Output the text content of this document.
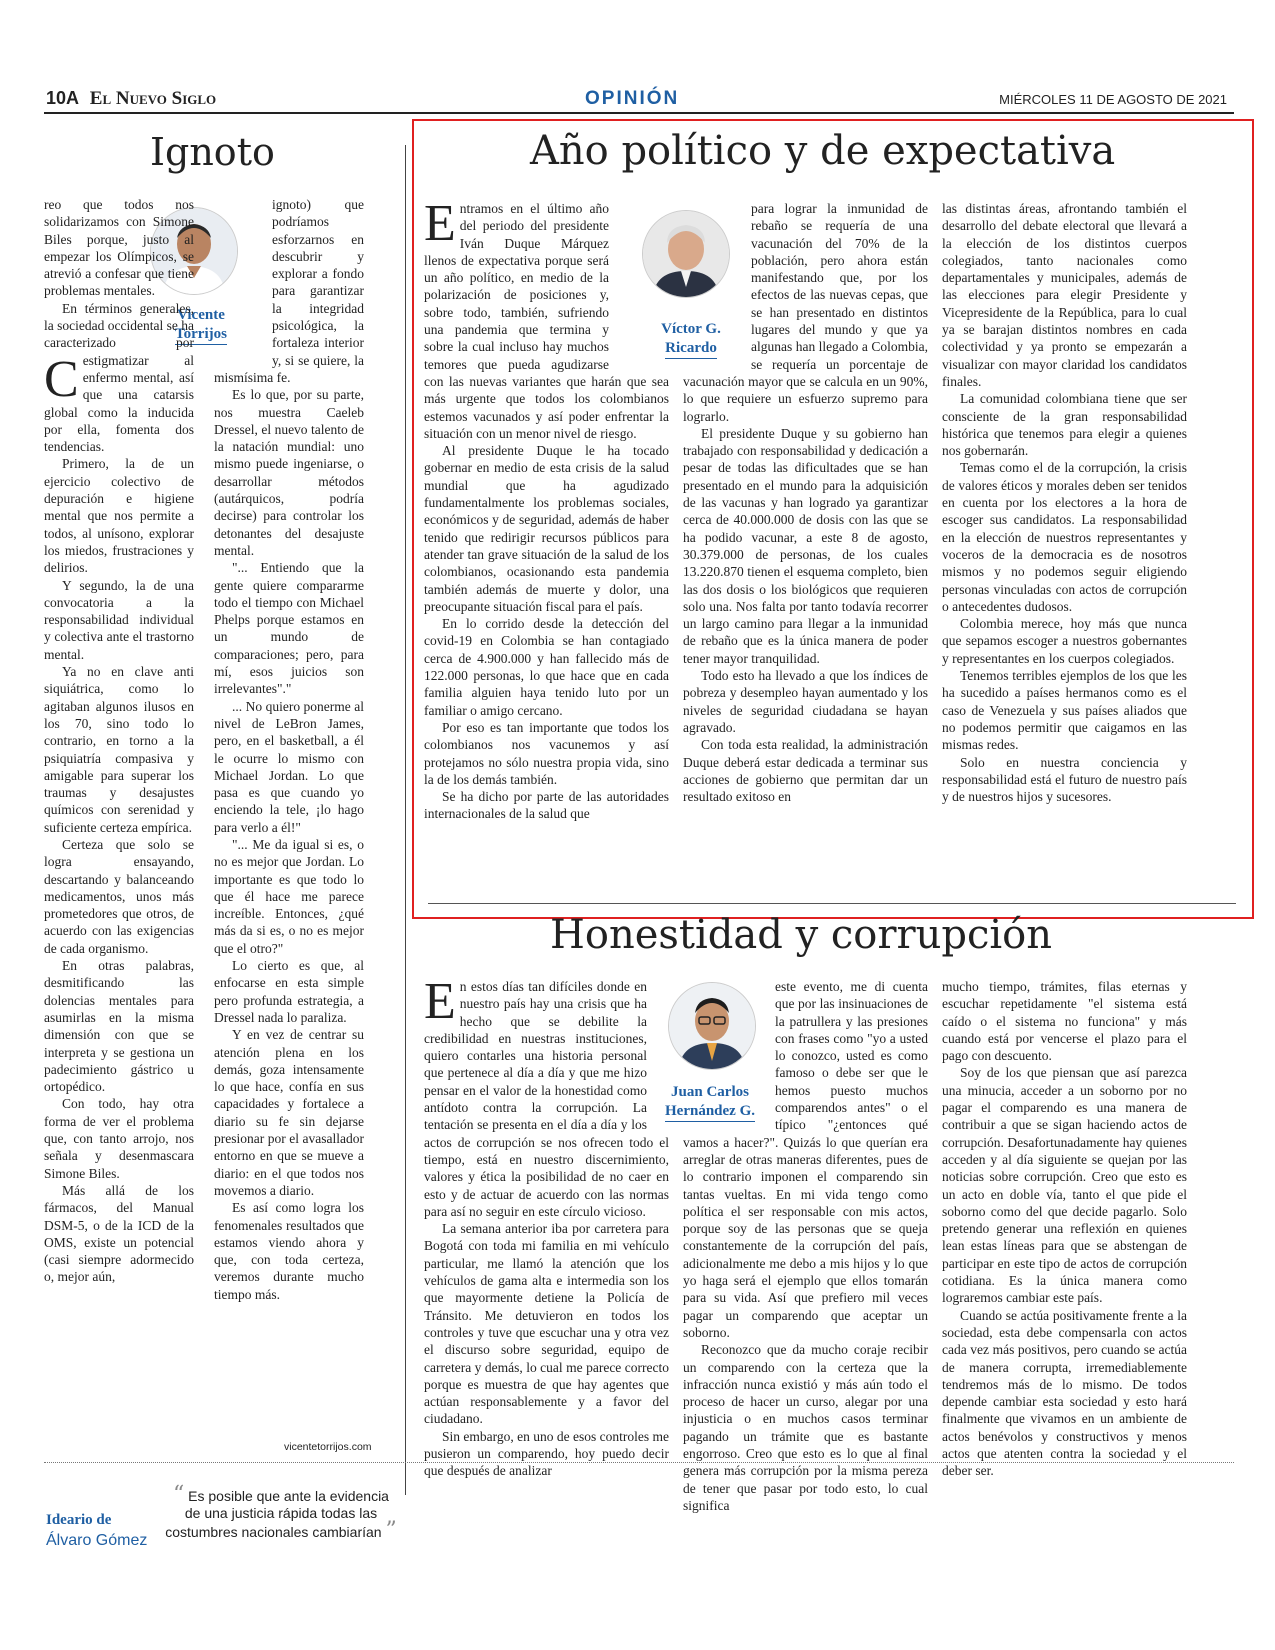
10A El Nuevo Siglo	OPINIÓN	MIÉRCOLES 11 DE AGOSTO DE 2021
Ignoto
Vicente
Torrijos

C
reo que todos nos solidarizamos con Simone Biles porque, justo al empezar los Olímpicos, se atrevió a confesar que tiene problemas mentales.

En términos generales, la sociedad occidental se ha caracterizado por estigmatizar al enfermo mental, así que una catarsis global como la inducida por ella, fomenta dos tendencias.

Primero, la de un ejercicio colectivo de depuración e higiene mental que nos permite a todos, al unísono, explorar los miedos, frustraciones y delirios.

Y segundo, la de una convocatoria a la responsabilidad individual y colectiva ante el trastorno mental.

Ya no en clave anti siquiátrica, como lo agitaban algunos ilusos en los 70, sino todo lo contrario, en torno a la psiquiatría compasiva y amigable para superar los traumas y desajustes químicos con serenidad y suficiente certeza empírica.

Certeza que solo se logra ensayando, descartando y balanceando medicamentos, unos más prometedores que otros, de acuerdo con las exigencias de cada organismo.

En otras palabras, desmitificando las dolencias mentales para asumirlas en la misma dimensión con que se interpreta y se gestiona un padecimiento gástrico u ortopédico.

Con todo, hay otra forma de ver el problema que, con tanto arrojo, nos señala y desenmascara Simone Biles.

Más allá de los fármacos, del Manual DSM-5, o de la ICD de la OMS, existe un potencial (casi siempre adormecido o, mejor aún,

ignoto) que podríamos esforzarnos en descubrir y explorar a fondo para garantizar la integridad psicológica, la fortaleza interior y, si se quiere, la mismísima fe.

Es lo que, por su parte, nos muestra Caeleb Dressel, el nuevo talento de la natación mundial: uno mismo puede ingeniarse, o desarrollar métodos (autárquicos, podría decirse) para controlar los detonantes del desajuste mental.

"... Entiendo que la gente quiere compararme todo el tiempo con Michael Phelps porque estamos en un mundo de comparaciones; pero, para mí, esos juicios son irrelevantes"."

... No quiero ponerme al nivel de LeBron James, pero, en el basketball, a él le ocurre lo mismo con Michael Jordan. Lo que pasa es que cuando yo enciendo la tele, ¡lo hago para verlo a él!"

"... Me da igual si es, o no es mejor que Jordan. Lo importante es que todo lo que él hace me parece increíble. Entonces, ¿qué más da si es, o no es mejor que el otro?"

Lo cierto es que, al enfocarse en esta simple pero profunda estrategia, a Dressel nada lo paraliza.

Y en vez de centrar su atención plena en los demás, goza intensamente lo que hace, confía en sus capacidades y fortalece a diario su fe sin dejarse presionar por el avasallador entorno en que se mueve a diario: en el que todos nos movemos a diario.

Es así como logra los fenomenales resultados que estamos viendo ahora y que, con toda certeza, veremos durante mucho tiempo más.

vicentetorrijos.com
Año político y de expectativa
Víctor G.
Ricardo

Entramos en el último año del periodo del presidente Iván Duque Márquez llenos de expectativa porque será un año político, en medio de la polarización de posiciones y, sobre todo, también, sufriendo una pandemia que termina y sobre la cual incluso hay muchos temores que pueda agudizarse con las nuevas variantes que harán que sea más urgente que todos los colombianos estemos vacunados y así poder enfrentar la situación con un menor nivel de riesgo.

Al presidente Duque le ha tocado gobernar en medio de esta crisis de la salud mundial que ha agudizado fundamentalmente los problemas sociales, económicos y de seguridad, además de haber tenido que redirigir recursos públicos para atender tan grave situación de la salud de los colombianos, ocasionando esta pandemia también además de muerte y dolor, una preocupante situación fiscal para el país.

En lo corrido desde la detección del covid-19 en Colombia se han contagiado cerca de 4.900.000 y han fallecido más de 122.000 personas, lo que hace que en cada familia alguien haya tenido luto por un familiar o amigo cercano.

Por eso es tan importante que todos los colombianos nos vacunemos y así protejamos no sólo nuestra propia vida, sino la de los demás también.

Se ha dicho por parte de las autoridades internacionales de la salud que

para lograr la inmunidad de rebaño se requería de una vacunación del 70% de la población, pero ahora están manifestando que, por los efectos de las nuevas cepas, que se han presentado en distintos lugares del mundo y que ya algunas han llegado a Colombia, se requería un porcentaje de vacunación mayor que se calcula en un 90%, lo que requiere un esfuerzo supremo para lograrlo.

El presidente Duque y su gobierno han trabajado con responsabilidad y dedicación a pesar de todas las dificultades que se han presentado en el mundo para la adquisición de las vacunas y han logrado ya garantizar cerca de 40.000.000 de dosis con las que se ha podido vacunar, a este 8 de agosto, 30.379.000 de personas, de los cuales 13.220.870 tienen el esquema completo, bien las dos dosis o los biológicos que requieren solo una. Nos falta por tanto todavía recorrer un largo camino para llegar a la inmunidad de rebaño que es la única manera de poder tener mayor tranquilidad.

Todo esto ha llevado a que los índices de pobreza y desempleo hayan aumentado y los niveles de seguridad ciudadana se hayan agravado.

Con toda esta realidad, la administración Duque deberá estar dedicada a terminar sus acciones de gobierno que permitan dar un resultado exitoso en

las distintas áreas, afrontando también el desarrollo del debate electoral que llevará a la elección de los distintos cuerpos colegiados, tanto nacionales como departamentales y municipales, además de las elecciones para elegir Presidente y Vicepresidente de la República, para lo cual ya se barajan distintos nombres en cada colectividad y ya pronto se empezarán a visualizar con mayor claridad los candidatos finales.

La comunidad colombiana tiene que ser consciente de la gran responsabilidad histórica que tenemos para elegir a quienes nos gobernarán.

Temas como el de la corrupción, la crisis de valores éticos y morales deben ser tenidos en cuenta por los electores a la hora de escoger sus candidatos. La responsabilidad en la elección de nuestros representantes y voceros de la democracia es de nosotros mismos y no podemos seguir eligiendo personas vinculadas con actos de corrupción o antecedentes dudosos.

Colombia merece, hoy más que nunca que sepamos escoger a nuestros gobernantes y representantes en los cuerpos colegiados.

Tenemos terribles ejemplos de los que les ha sucedido a países hermanos como es el caso de Venezuela y sus países aliados que no podemos permitir que caigamos en las mismas redes.

Solo en nuestra conciencia y responsabilidad está el futuro de nuestro país y de nuestros hijos y sucesores.

Honestidad y corrupción
Juan Carlos
Hernández G.

En estos días tan difíciles donde en nuestro país hay una crisis que ha hecho que se debilite la credibilidad en nuestras instituciones, quiero contarles una historia personal que pertenece al día a día y que me hizo pensar en el valor de la honestidad como antídoto contra la corrupción. La tentación se presenta en el día a día y los actos de corrupción se nos ofrecen todo el tiempo, está en nuestro discernimiento, valores y ética la posibilidad de no caer en esto y de actuar de acuerdo con las normas para así no seguir en este círculo vicioso.

La semana anterior iba por carretera para Bogotá con toda mi familia en mi vehículo particular, me llamó la atención que los vehículos de gama alta e intermedia son los que mayormente detiene la Policía de Tránsito. Me detuvieron en todos los controles y tuve que escuchar una y otra vez el discurso sobre seguridad, equipo de carretera y demás, lo cual me parece correcto porque es muestra de que hay agentes que actúan responsablemente y a favor del ciudadano.

Sin embargo, en uno de esos controles me pusieron un comparendo, hoy puedo decir que después de analizar

este evento, me di cuenta que por las insinuaciones de la patrullera y las presiones con frases como "yo a usted lo conozco, usted es como famoso o debe ser que le hemos puesto muchos comparendos antes" o el típico "¿entonces qué vamos a hacer?". Quizás lo que querían era arreglar de otras maneras diferentes, pues de lo contrario imponen el comparendo sin tantas vueltas. En mi vida tengo como política el ser responsable con mis actos, porque soy de las personas que se queja constantemente de la corrupción del país, adicionalmente me debo a mis hijos y lo que yo haga será el ejemplo que ellos tomarán para su vida. Así que prefiero mil veces pagar un comparendo que aceptar un soborno.

Reconozco que da mucho coraje recibir un comparendo con la certeza que la infracción nunca existió y más aún todo el proceso de hacer un curso, alegar por una injusticia o en muchos casos terminar pagando un trámite que es bastante engorroso. Creo que esto es lo que al final genera más corrupción por la misma pereza de tener que pasar por todo esto, lo cual significa

mucho tiempo, trámites, filas eternas y escuchar repetidamente "el sistema está caído o el sistema no funciona" y más cuando está por vencerse el plazo para el pago con descuento.

Soy de los que piensan que así parezca una minucia, acceder a un soborno por no pagar el comparendo es una manera de contribuir a que se sigan haciendo actos de corrupción. Desafortunadamente hay quienes acceden y al día siguiente se quejan por las noticias sobre corrupción. Creo que esto es un acto en doble vía, tanto el que pide el soborno como del que decide pagarlo. Solo pretendo generar una reflexión en quienes lean estas líneas para que se abstengan de participar en este tipo de actos de corrupción cotidiana. Es la única manera como lograremos cambiar este país.

Cuando se actúa positivamente frente a la sociedad, esta debe compensarla con actos cada vez más positivos, pero cuando se actúa de manera corrupta, irremediablemente tendremos más de lo mismo. De todos depende cambiar esta sociedad y esto hará finalmente que vivamos en un ambiente de actos benévolos y constructivos y menos actos que atenten contra la sociedad y el deber ser.

Ideario de
Álvaro Gómez
“ Es posible que ante la evidencia de una justicia rápida todas las costumbres nacionales cambiarían ”
